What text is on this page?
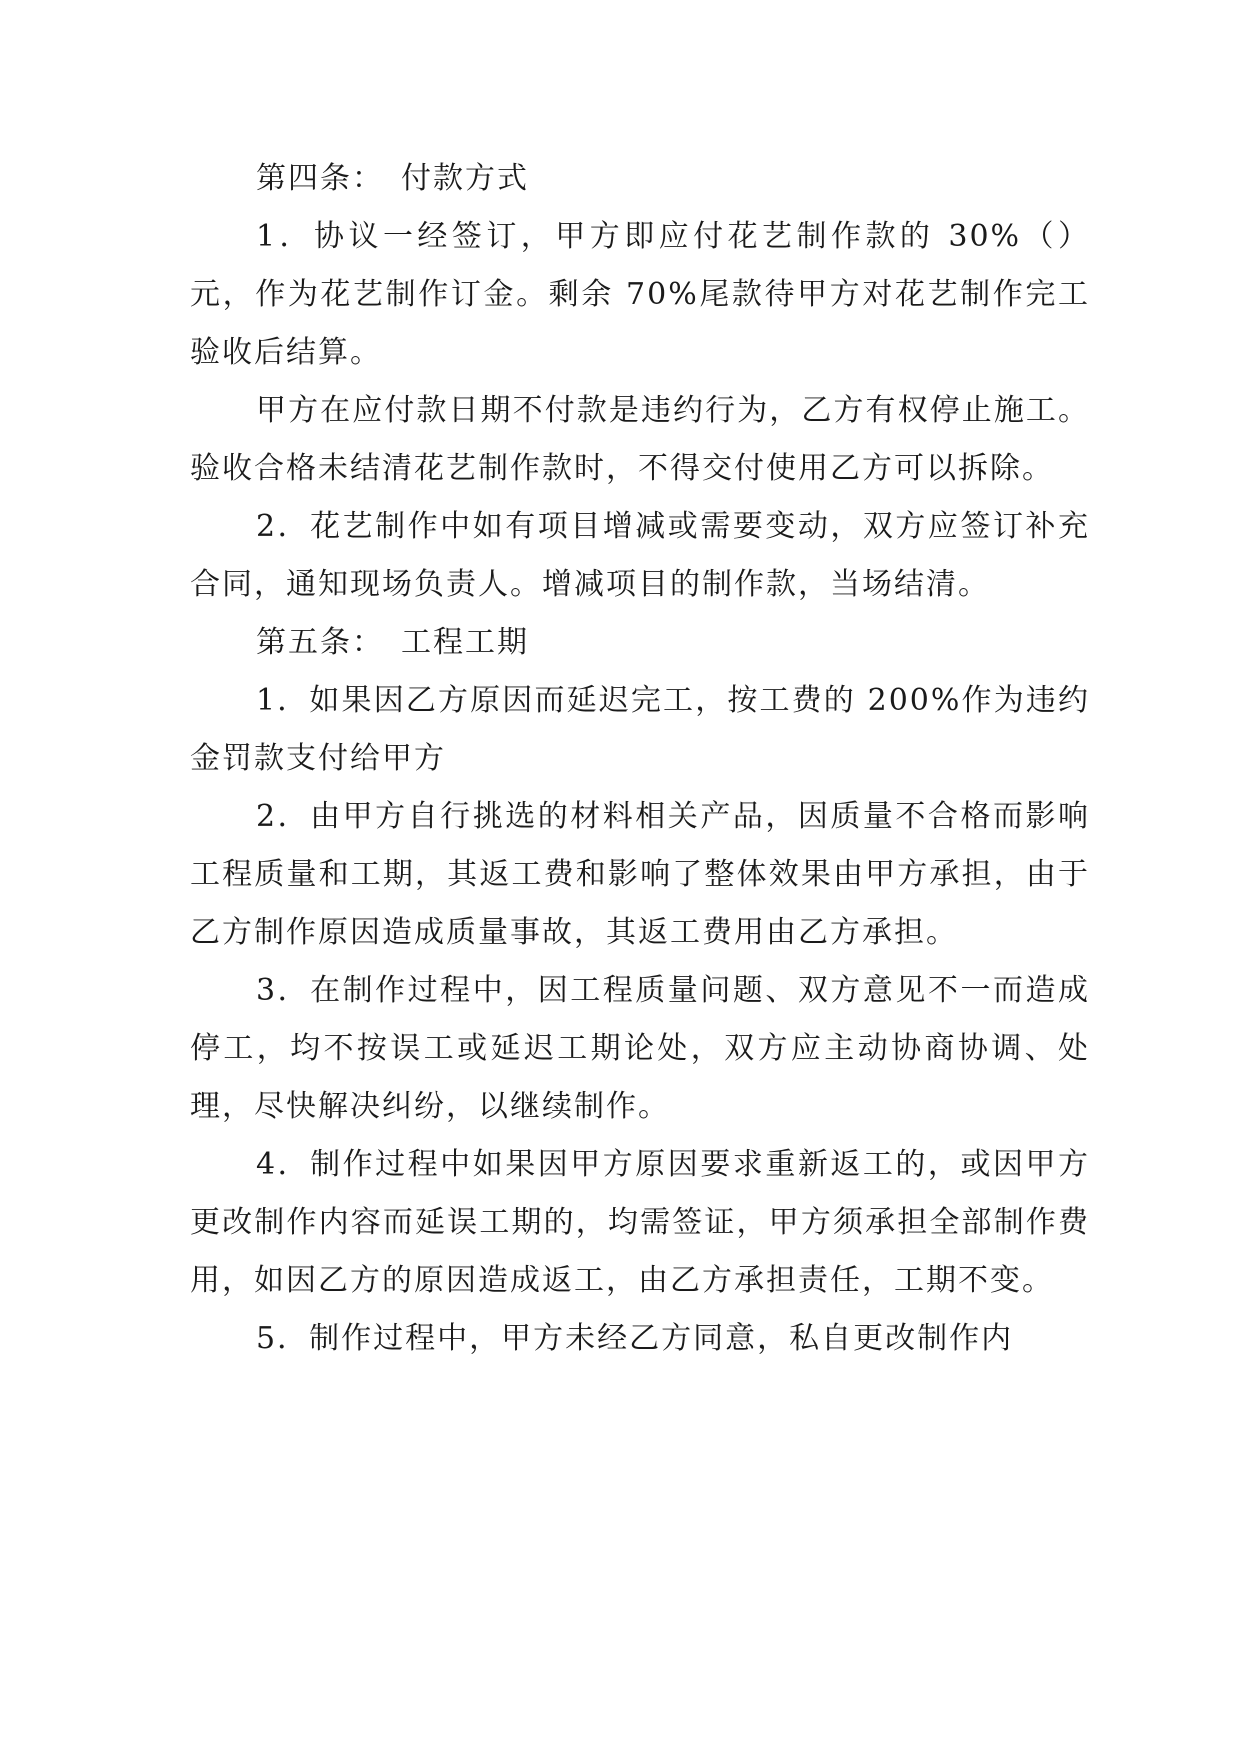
第四条：　付款方式

1．协议一经签订，甲方即应付花艺制作款的 30%（）元，作为花艺制作订金。剩余 70%尾款待甲方对花艺制作完工验收后结算。

甲方在应付款日期不付款是违约行为，乙方有权停止施工。验收合格未结清花艺制作款时，不得交付使用乙方可以拆除。

2．花艺制作中如有项目增减或需要变动，双方应签订补充合同，通知现场负责人。增减项目的制作款，当场结清。

第五条：　工程工期

1．如果因乙方原因而延迟完工，按工费的 200%作为违约金罚款支付给甲方

2．由甲方自行挑选的材料相关产品，因质量不合格而影响工程质量和工期，其返工费和影响了整体效果由甲方承担，由于乙方制作原因造成质量事故，其返工费用由乙方承担。

3．在制作过程中，因工程质量问题、双方意见不一而造成停工，均不按误工或延迟工期论处，双方应主动协商协调、处理，尽快解决纠纷，以继续制作。

4．制作过程中如果因甲方原因要求重新返工的，或因甲方更改制作内容而延误工期的，均需签证，甲方须承担全部制作费用，如因乙方的原因造成返工，由乙方承担责任，工期不变。

5．制作过程中，甲方未经乙方同意，私自更改制作内
